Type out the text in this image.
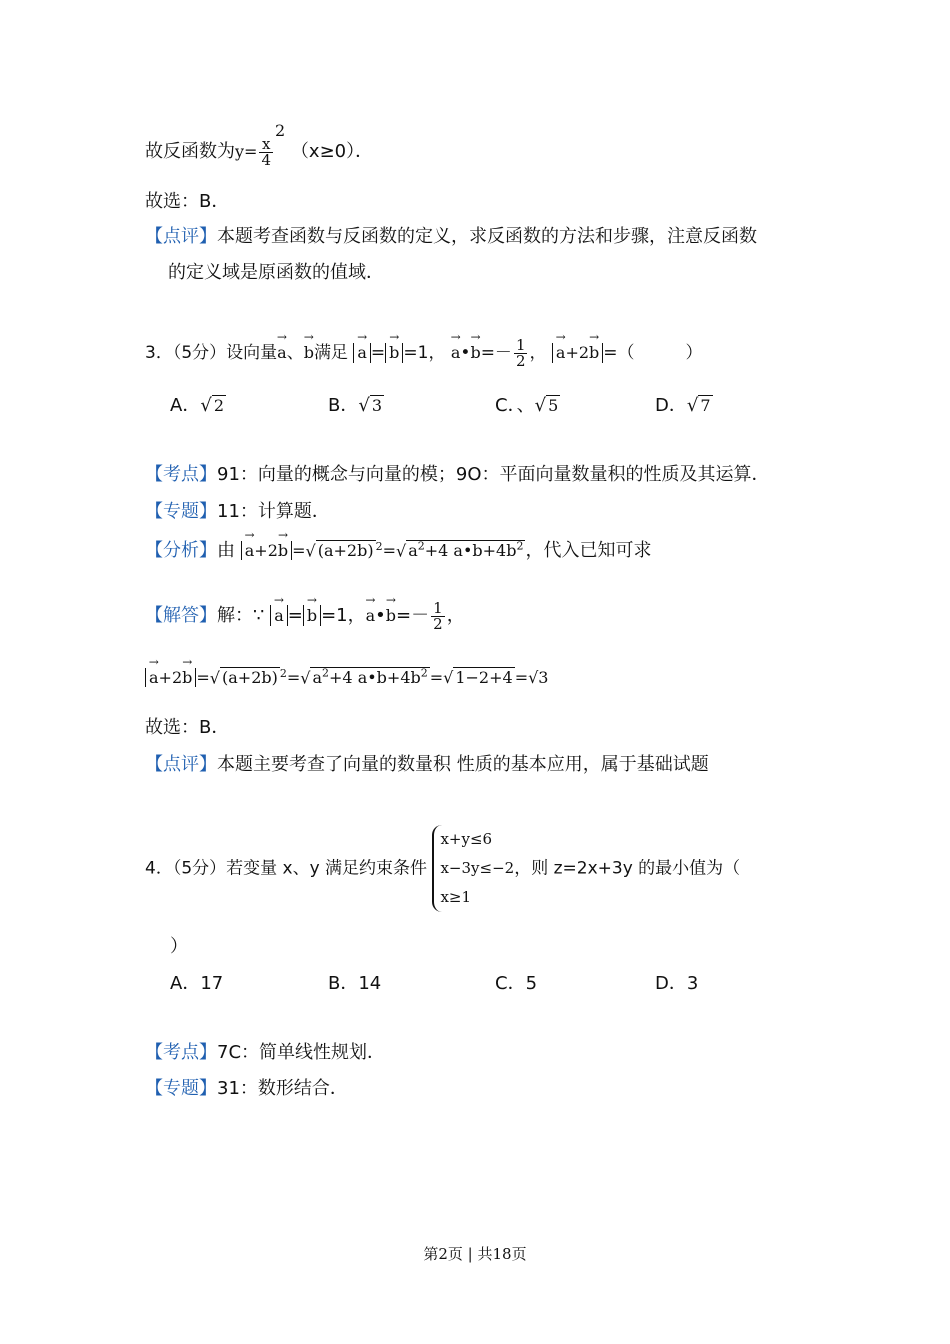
故反函数为$y= \frac{x}{4}$
$^2$ （x≥0）．
故选：B．
【点评】本题考查函数与反函数的定义，求反函数的方法和步骤，注意反函数
的定义域是原函数的值域．
3．（5分）设向量→ a、→ b满足 → a = → b =1， → a•→ $b=- \frac{1}{2}$ ， → a+2→ b =（　　　）
A．√ 2	B．√ 3	C．、√ 5	D．√ 7
【考点】91：向量的概念与向量的模；9O：平面向量数量积的性质及其运算．
【专题】11：计算题．
【分析】由 → a+2→ b =√ (a+2b) $^2$=√ $a^2+4$ $a•b+4b^2$ ，代入已知可求
【解答】解：∵ → a = → b =1，→ a•→ $b=- \frac{1}{2}$ ，
→ a+2→ b =√ (a+2b) $^2$=√ $a^2+4$ $a•b+4b^2$ =√ 1−2+4 =√3
故选：B．
【点评】本题主要考查了向量的数量积 性质的基本应用，属于基础试题
4．（5分）若变量 x、y 满足约束条件
x+y≤6
x−3y≤−2
x≥1
，则 z=2x+3y 的最小值为（
）
A．17	B．14	C．5	D．3
【考点】7C：简单线性规划．
【专题】31：数形结合．
第2页 | 共18页
